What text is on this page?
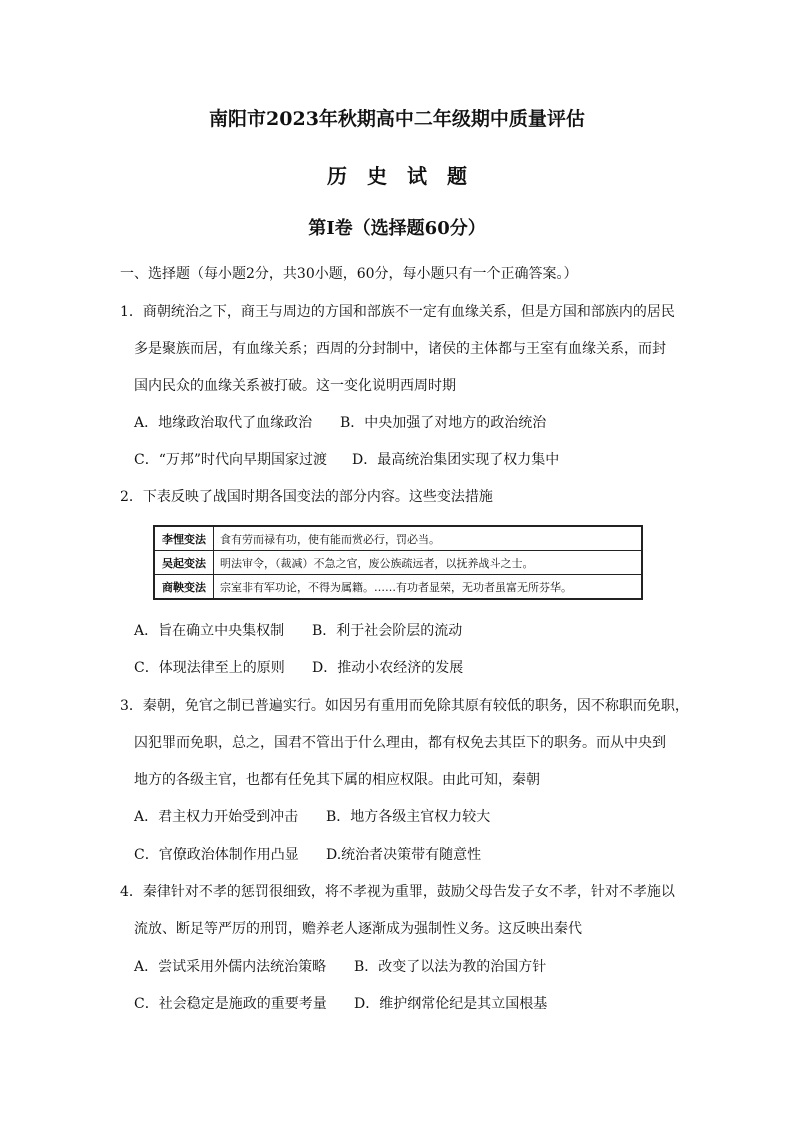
南阳市2023年秋期高中二年级期中质量评估
历史试题
第I卷（选择题60分）
一、选择题（每小题2分，共30小题，60分，每小题只有一个正确答案。）
1．商朝统治之下，商王与周边的方国和部族不一定有血缘关系，但是方国和部族内的居民
多是聚族而居，有血缘关系；西周的分封制中，诸侯的主体都与王室有血缘关系，而封
国内民众的血缘关系被打破。这一变化说明西周时期
A．地缘政治取代了血缘政治 B．中央加强了对地方的政治统治
C．“万邦”时代向早期国家过渡 D．最高统治集团实现了权力集中
2．下表反映了战国时期各国变法的部分内容。这些变法措施
李悝变法	食有劳而禄有功，使有能而赏必行，罚必当。
吴起变法	明法审令，（裁减）不急之官，废公族疏远者，以抚养战斗之士。
商鞅变法	宗室非有军功论，不得为属籍。……有功者显荣，无功者虽富无所芬华。
A．旨在确立中央集权制 B．利于社会阶层的流动
C．体现法律至上的原则 D．推动小农经济的发展
3．秦朝，免官之制已普遍实行。如因另有重用而免除其原有较低的职务，因不称职而免职，
囚犯罪而免职，总之，国君不管出于什么理由，都有权免去其臣下的职务。而从中央到
地方的各级主官，也都有任免其下属的相应权限。由此可知，秦朝
A．君主权力开始受到冲击 B．地方各级主官权力较大
C．官僚政治体制作用凸显 D.统治者决策带有随意性
4．秦律针对不孝的惩罚很细致，将不孝视为重罪，鼓励父母告发子女不孝，针对不孝施以
流放、断足等严厉的刑罚，赡养老人逐渐成为强制性义务。这反映出秦代
A．尝试采用外儒内法统治策略 B．改变了以法为教的治国方针
C．社会稳定是施政的重要考量 D．维护纲常伦纪是其立国根基
